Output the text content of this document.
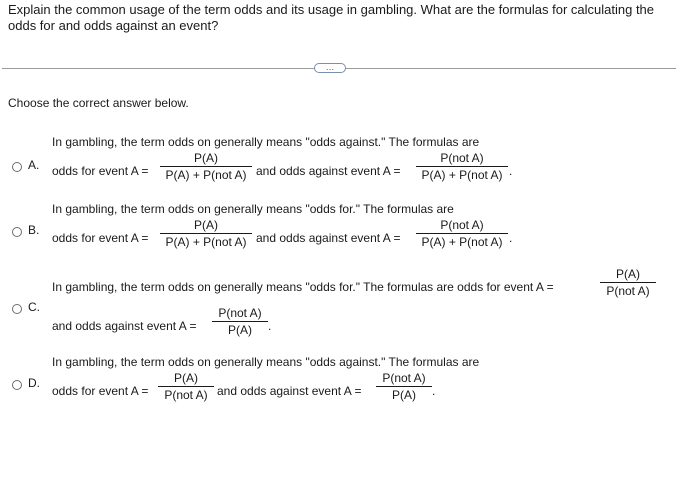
Explain the common usage of the term odds and its usage in gambling. What are the formulas for calculating the odds for and odds against an event?
…
Choose the correct answer below.
A.
In gambling, the term odds on generally means "odds against." The formulas are
odds for event A =
P(A)
P(A) + P(not A) and odds against event A =
P(not A)
P(A) + P(not A) .
B.
In gambling, the term odds on generally means "odds for." The formulas are
odds for event A =
P(A)
P(A) + P(not A) and odds against event A =
P(not A)
P(A) + P(not A) .
C.
In gambling, the term odds on generally means "odds for." The formulas are odds for event A =
P(A)
P(not A)
and odds against event A =
P(not A)
P(A)	.
D.
In gambling, the term odds on generally means "odds against." The formulas are
odds for event A =
P(A)
P(not A) and odds against event A =
P(not A)
P(A)	.
